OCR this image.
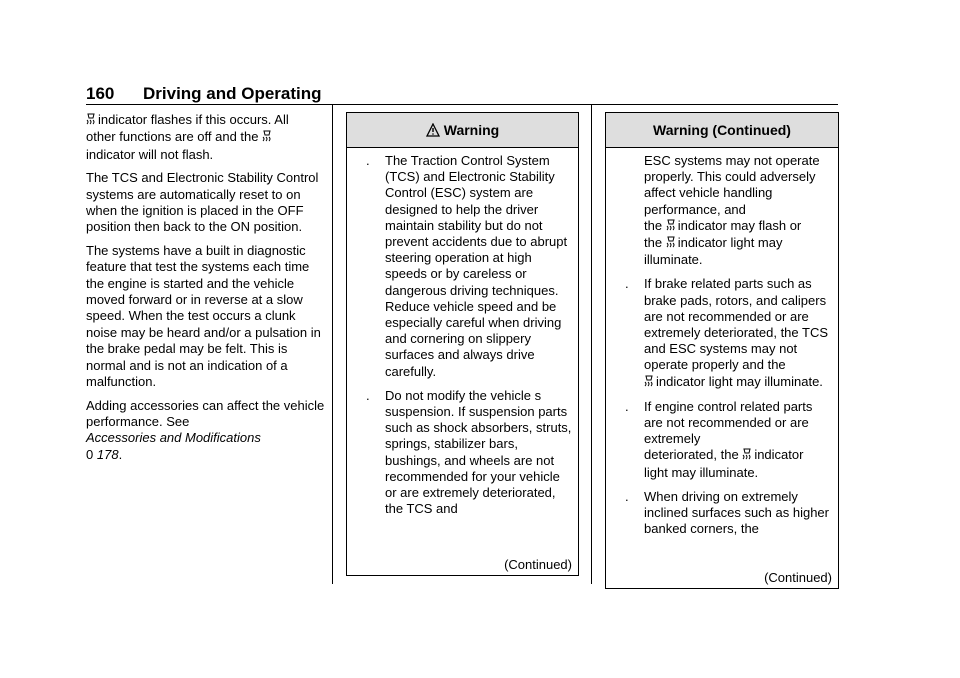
160 Driving and Operating

indicator flashes if this occurs. All
other functions are off and the
indicator will not flash.

The TCS and Electronic Stability Control systems are automatically reset to on when the ignition is placed in the OFF position then back to the ON position.

The systems have a built in diagnostic feature that test the systems each time the engine is started and the vehicle moved forward or in reverse at a slow speed. When the test occurs a clunk noise may be heard and/or a pulsation in the brake pedal may be felt. This is normal and is not an indication of a malfunction.

Adding accessories can affect the vehicle performance. See
Accessories and Modifications
0 178.

Warning
. The Traction Control System (TCS) and Electronic Stability Control (ESC) system are designed to help the driver maintain stability but do not prevent accidents due to abrupt steering operation at high speeds or by careless or dangerous driving techniques. Reduce vehicle speed and be especially careful when driving and cornering on slippery surfaces and always drive carefully.
. Do not modify the vehicle s suspension. If suspension parts such as shock absorbers, struts, springs, stabilizer bars, bushings, and wheels are not recommended for your vehicle or are extremely deteriorated, the TCS and
(Continued)
Warning (Continued)
ESC systems may not operate properly. This could adversely affect vehicle handling performance, and
the indicator may flash or
the indicator light may
illuminate.
. If brake related parts such as brake pads, rotors, and calipers are not recommended or are extremely deteriorated, the TCS and ESC systems may not operate properly and the
indicator light may illuminate.
. If engine control related parts are not recommended or are extremely
deteriorated, the indicator
light may illuminate.
. When driving on extremely inclined surfaces such as higher banked corners, the
(Continued)
